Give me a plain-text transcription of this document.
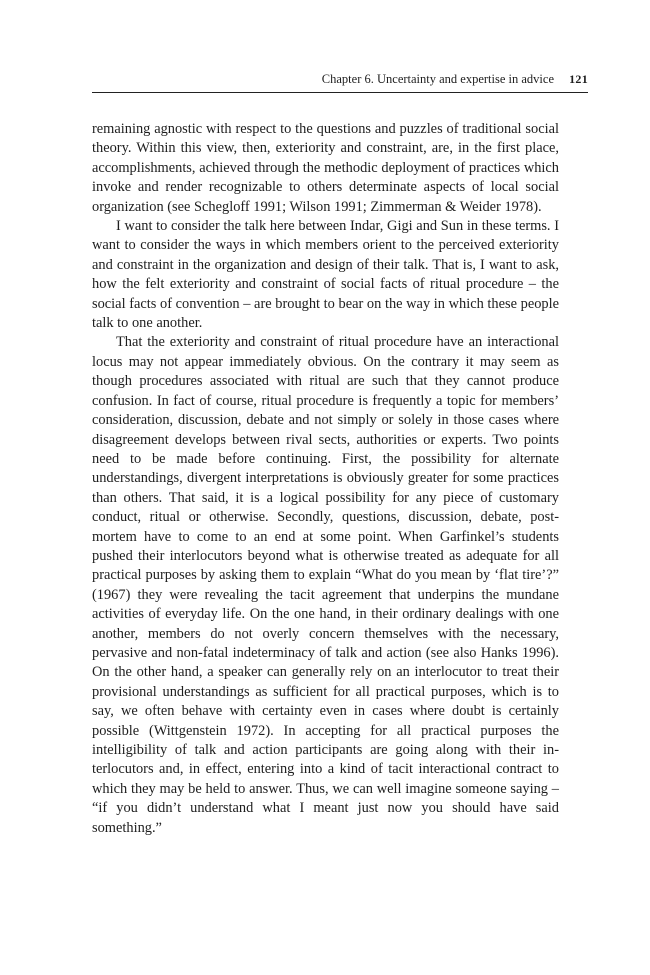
Chapter 6. Uncertainty and expertise in advice 121

remaining agnostic with respect to the questions and puzzles of traditional social theory. Within this view, then, exteriority and constraint, are, in the first place, accomplishments, achieved through the methodic deployment of practices which invoke and render recognizable to others determinate aspects of local social organization (see Schegloff 1991; Wilson 1991; Zimmerman & Weider 1978).

I want to consider the talk here between Indar, Gigi and Sun in these terms. I want to consider the ways in which members orient to the perceived exteriority and constraint in the organization and design of their talk. That is, I want to ask, how the felt exteriority and constraint of social facts of ritual procedure – the social facts of convention – are brought to bear on the way in which these people talk to one another.

That the exteriority and constraint of ritual procedure have an interactional locus may not appear immediately obvious. On the contrary it may seem as though procedures associated with ritual are such that they cannot produce confusion. In fact of course, ritual procedure is frequently a topic for members’ consideration, discussion, debate and not simply or solely in those cases where disagreement develops between rival sects, authorities or experts. Two points need to be made before continuing. First, the possibility for alternate understandings, divergent interpretations is obviously greater for some practices than others. That said, it is a logical possibility for any piece of customary conduct, ritual or otherwise. Secondly, questions, discussion, debate, post-mortem have to come to an end at some point. When Garfinkel’s students pushed their interlocutors beyond what is otherwise treated as adequate for all practical purposes by asking them to explain “What do you mean by ‘flat tire’?” (1967) they were revealing the tacit agreement that underpins the mundane activities of everyday life. On the one hand, in their ordinary dealings with one another, members do not overly concern themselves with the necessary, pervasive and non-fatal indeterminacy of talk and action (see also Hanks 1996). On the other hand, a speaker can generally rely on an interlocutor to treat their provisional understandings as sufficient for all practical purposes, which is to say, we often behave with certainty even in cases where doubt is certainly possible (Wittgenstein 1972). In accepting for all practical purposes the intelligibility of talk and action participants are going along with their interlocutors and, in effect, entering into a kind of tacit interactional contract to which they may be held to answer. Thus, we can well imagine someone saying – “if you didn’t understand what I meant just now you should have said something.”
